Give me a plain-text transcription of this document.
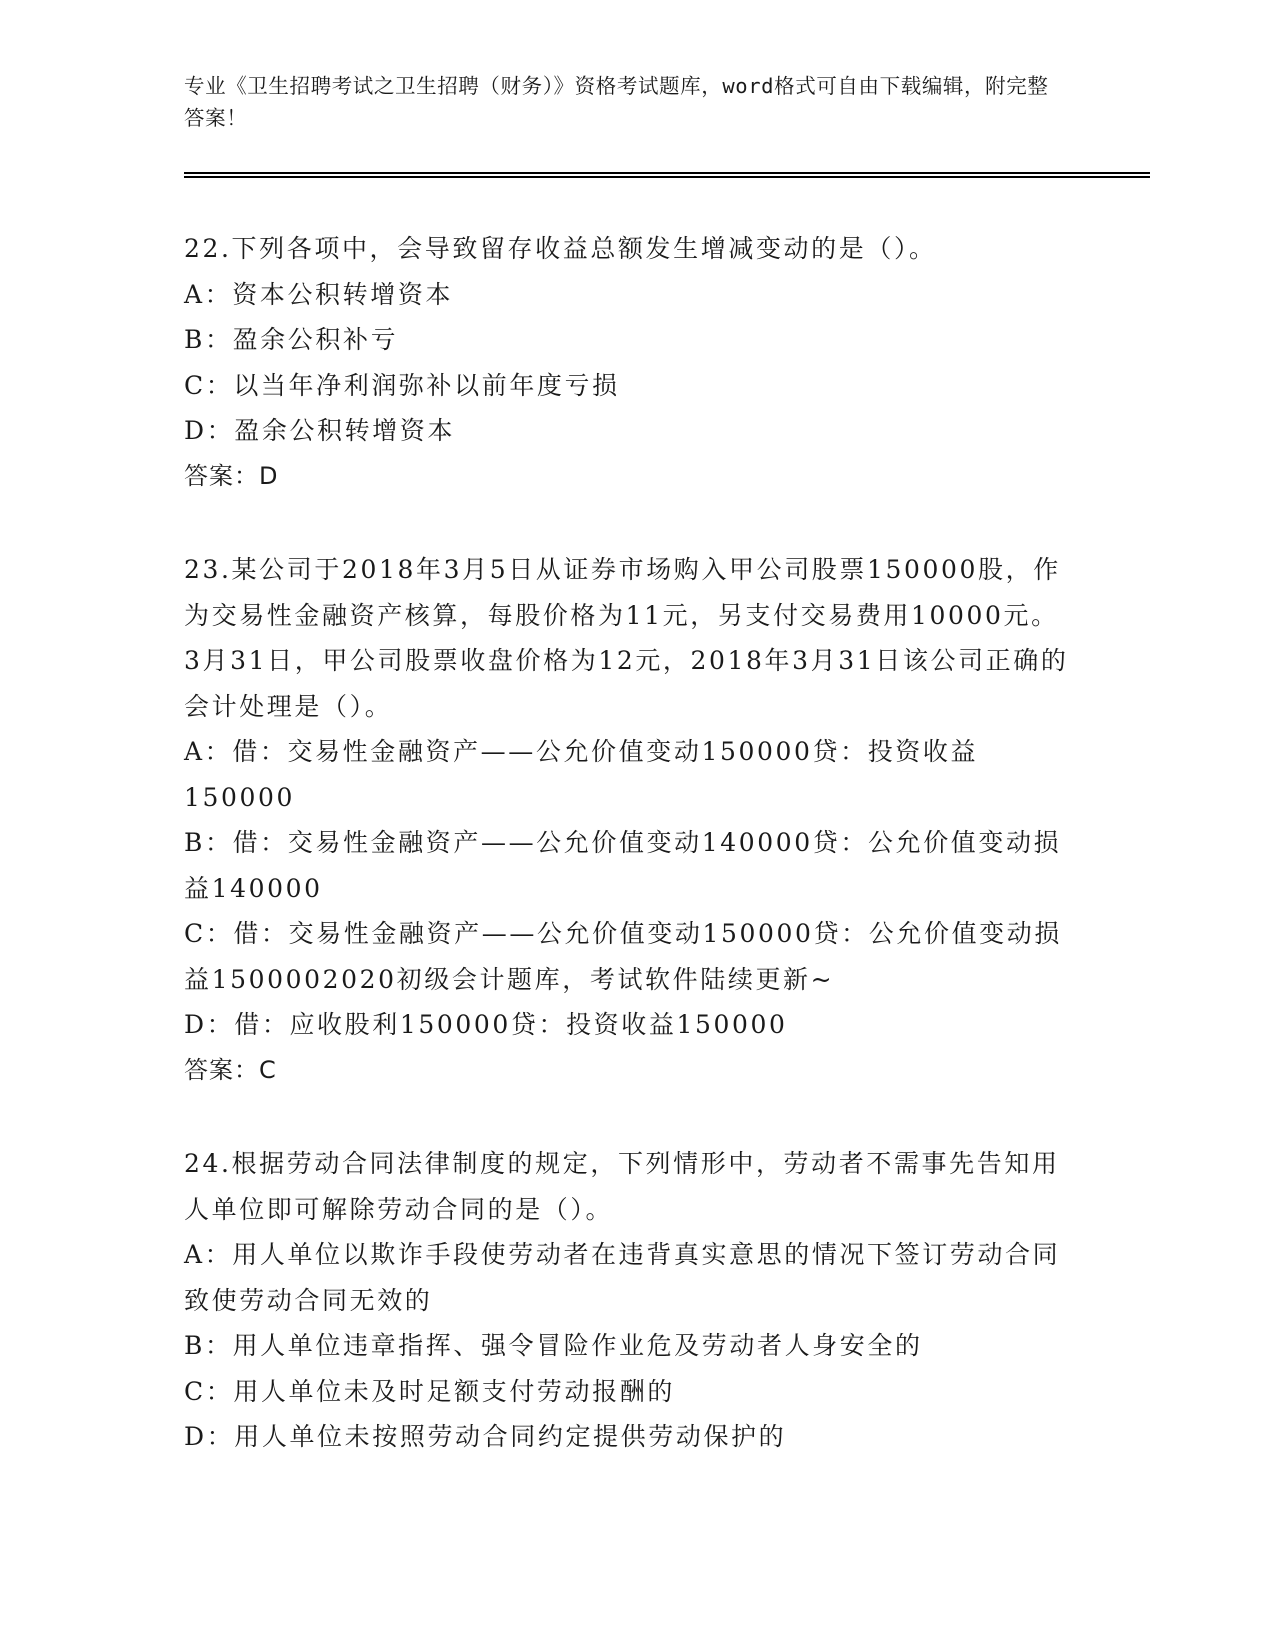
专业《卫生招聘考试之卫生招聘（财务）》资格考试题库，word格式可自由下载编辑，附完整答案！

22.下列各项中，会导致留存收益总额发生增减变动的是（）。

A：资本公积转增资本

B：盈余公积补亏

C：以当年净利润弥补以前年度亏损

D：盈余公积转增资本

答案：D

23.某公司于2018年3月5日从证券市场购入甲公司股票150000股，作为交易性金融资产核算，每股价格为11元，另支付交易费用10000元。3月31日，甲公司股票收盘价格为12元，2018年3月31日该公司正确的会计处理是（）。

A：借：交易性金融资产——公允价值变动150000贷：投资收益150000

B：借：交易性金融资产——公允价值变动140000贷：公允价值变动损益140000

C：借：交易性金融资产——公允价值变动150000贷：公允价值变动损益1500002020初级会计题库，考试软件陆续更新~

D：借：应收股利150000贷：投资收益150000

答案：C

24.根据劳动合同法律制度的规定，下列情形中，劳动者不需事先告知用人单位即可解除劳动合同的是（）。

A：用人单位以欺诈手段使劳动者在违背真实意思的情况下签订劳动合同致使劳动合同无效的

B：用人单位违章指挥、强令冒险作业危及劳动者人身安全的

C：用人单位未及时足额支付劳动报酬的

D：用人单位未按照劳动合同约定提供劳动保护的
